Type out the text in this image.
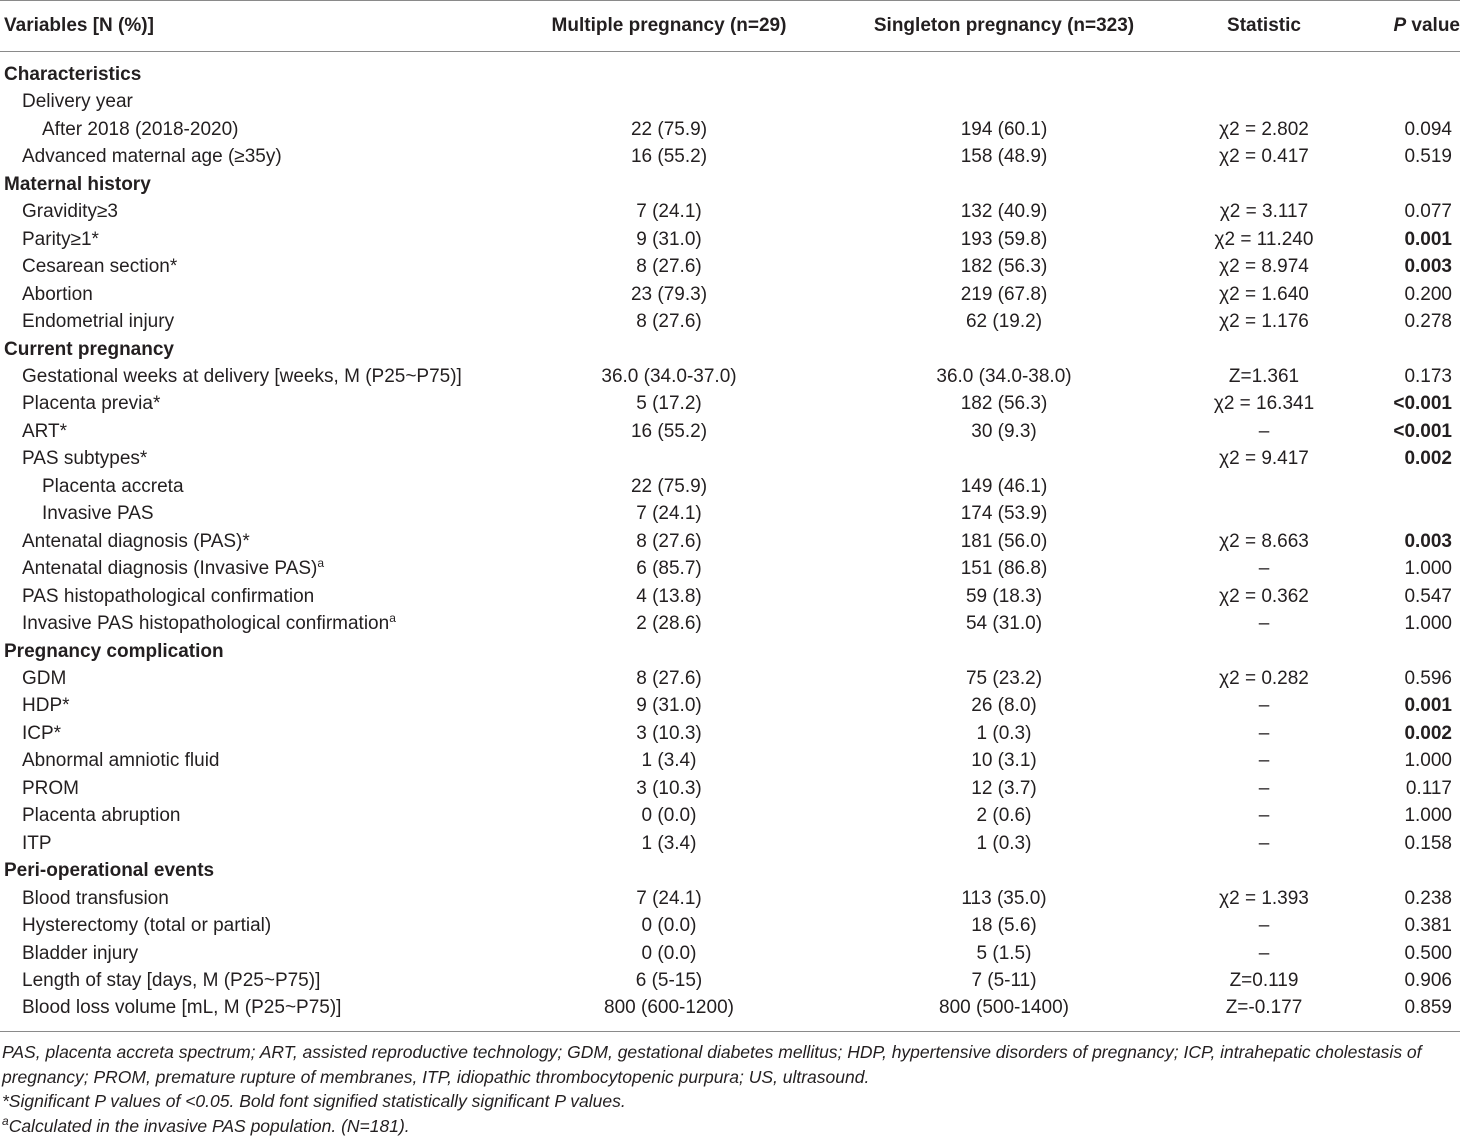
Variables [N (%)]	Multiple pregnancy (n=29)	Singleton pregnancy (n=323)	Statistic	P value
Characteristics				
Delivery year				
After 2018 (2018-2020)	22 (75.9)	194 (60.1)	χ2 = 2.802	0.094
Advanced maternal age (≥35y)	16 (55.2)	158 (48.9)	χ2 = 0.417	0.519
Maternal history				
Gravidity≥3	7 (24.1)	132 (40.9)	χ2 = 3.117	0.077
Parity≥1*	9 (31.0)	193 (59.8)	χ2 = 11.240	0.001
Cesarean section*	8 (27.6)	182 (56.3)	χ2 = 8.974	0.003
Abortion	23 (79.3)	219 (67.8)	χ2 = 1.640	0.200
Endometrial injury	8 (27.6)	62 (19.2)	χ2 = 1.176	0.278
Current pregnancy				
Gestational weeks at delivery [weeks, M (P25~P75)]	36.0 (34.0-37.0)	36.0 (34.0-38.0)	Z=1.361	0.173
Placenta previa*	5 (17.2)	182 (56.3)	χ2 = 16.341	<0.001
ART*	16 (55.2)	30 (9.3)	–	<0.001
PAS subtypes*			χ2 = 9.417	0.002
Placenta accreta	22 (75.9)	149 (46.1)		
Invasive PAS	7 (24.1)	174 (53.9)		
Antenatal diagnosis (PAS)*	8 (27.6)	181 (56.0)	χ2 = 8.663	0.003
Antenatal diagnosis (Invasive PAS)$^a$	6 (85.7)	151 (86.8)	–	1.000
PAS histopathological confirmation	4 (13.8)	59 (18.3)	χ2 = 0.362	0.547
Invasive PAS histopathological confirmation$^a$	2 (28.6)	54 (31.0)	–	1.000
Pregnancy complication				
GDM	8 (27.6)	75 (23.2)	χ2 = 0.282	0.596
HDP*	9 (31.0)	26 (8.0)	–	0.001
ICP*	3 (10.3)	1 (0.3)	–	0.002
Abnormal amniotic fluid	1 (3.4)	10 (3.1)	–	1.000
PROM	3 (10.3)	12 (3.7)	–	0.117
Placenta abruption	0 (0.0)	2 (0.6)	–	1.000
ITP	1 (3.4)	1 (0.3)	–	0.158
Peri-operational events				
Blood transfusion	7 (24.1)	113 (35.0)	χ2 = 1.393	0.238
Hysterectomy (total or partial)	0 (0.0)	18 (5.6)	–	0.381
Bladder injury	0 (0.0)	5 (1.5)	–	0.500
Length of stay [days, M (P25~P75)]	6 (5-15)	7 (5-11)	Z=0.119	0.906
Blood loss volume [mL, M (P25~P75)]	800 (600-1200)	800 (500-1400)	Z=-0.177	0.859

PAS, placenta accreta spectrum; ART, assisted reproductive technology; GDM, gestational diabetes mellitus; HDP, hypertensive disorders of pregnancy; ICP, intrahepatic cholestasis of pregnancy; PROM, premature rupture of membranes, ITP, idiopathic thrombocytopenic purpura; US, ultrasound.

*Significant P values of <0.05. Bold font signified statistically significant P values.

$^a$Calculated in the invasive PAS population. (N=181).
